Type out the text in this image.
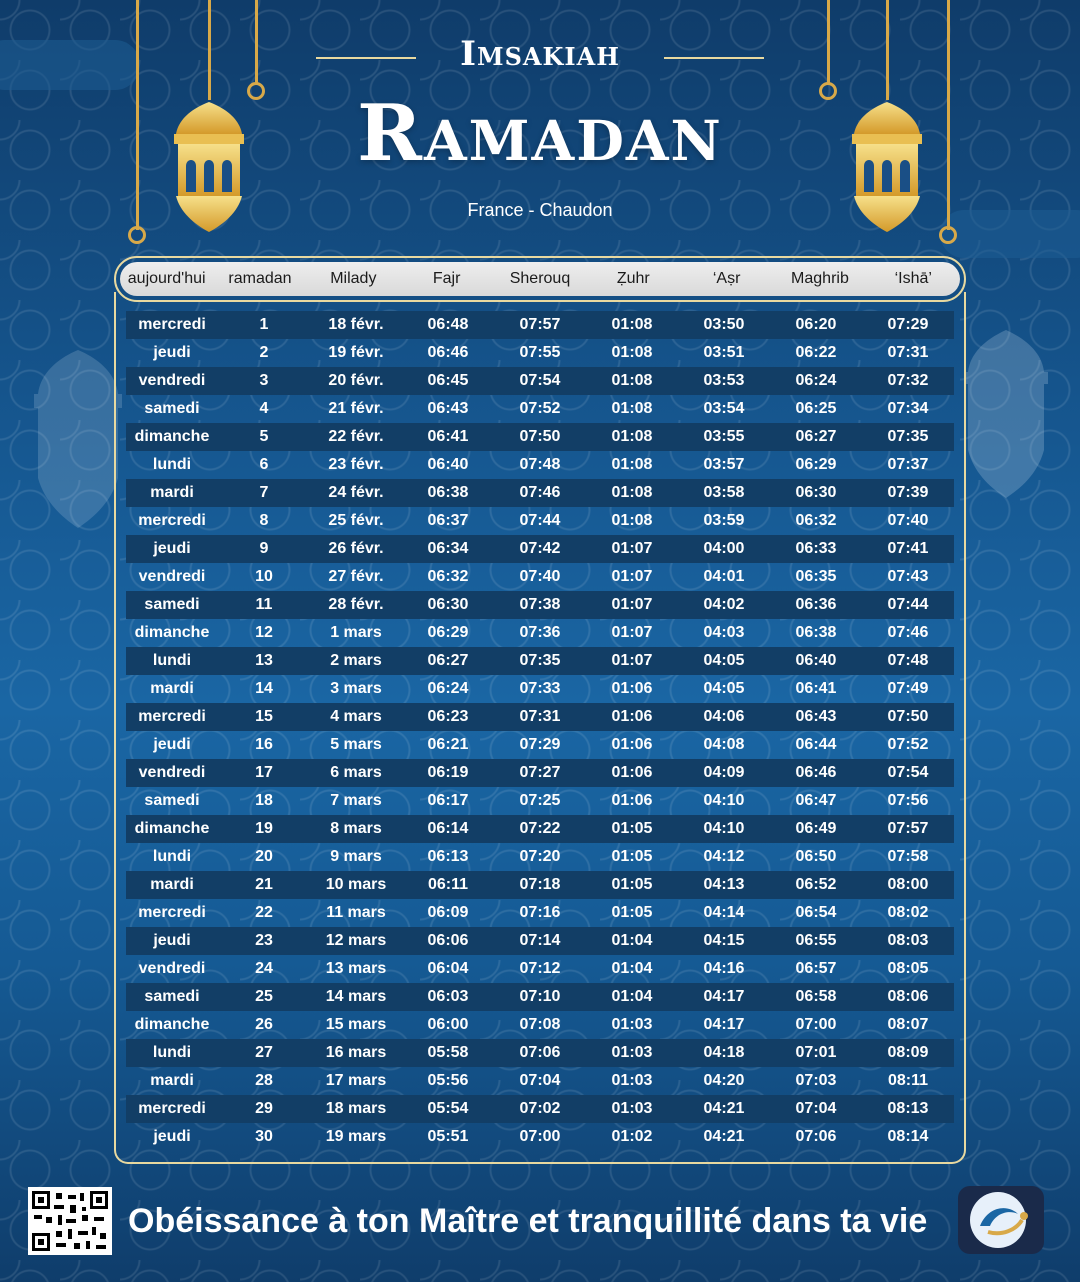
Imsakiah
Ramadan
France - Chaudon
aujourd'hui	ramadan	Milady	Fajr	Sherouq	Ẓuhr	‘Aṣr	Maghrib	‘Ishā’
mercredi	1	18 févr.	06:48	07:57	01:08	03:50	06:20	07:29
jeudi	2	19 févr.	06:46	07:55	01:08	03:51	06:22	07:31
vendredi	3	20 févr.	06:45	07:54	01:08	03:53	06:24	07:32
samedi	4	21 févr.	06:43	07:52	01:08	03:54	06:25	07:34
dimanche	5	22 févr.	06:41	07:50	01:08	03:55	06:27	07:35
lundi	6	23 févr.	06:40	07:48	01:08	03:57	06:29	07:37
mardi	7	24 févr.	06:38	07:46	01:08	03:58	06:30	07:39
mercredi	8	25 févr.	06:37	07:44	01:08	03:59	06:32	07:40
jeudi	9	26 févr.	06:34	07:42	01:07	04:00	06:33	07:41
vendredi	10	27 févr.	06:32	07:40	01:07	04:01	06:35	07:43
samedi	11	28 févr.	06:30	07:38	01:07	04:02	06:36	07:44
dimanche	12	1 mars	06:29	07:36	01:07	04:03	06:38	07:46
lundi	13	2 mars	06:27	07:35	01:07	04:05	06:40	07:48
mardi	14	3 mars	06:24	07:33	01:06	04:05	06:41	07:49
mercredi	15	4 mars	06:23	07:31	01:06	04:06	06:43	07:50
jeudi	16	5 mars	06:21	07:29	01:06	04:08	06:44	07:52
vendredi	17	6 mars	06:19	07:27	01:06	04:09	06:46	07:54
samedi	18	7 mars	06:17	07:25	01:06	04:10	06:47	07:56
dimanche	19	8 mars	06:14	07:22	01:05	04:10	06:49	07:57
lundi	20	9 mars	06:13	07:20	01:05	04:12	06:50	07:58
mardi	21	10 mars	06:11	07:18	01:05	04:13	06:52	08:00
mercredi	22	11 mars	06:09	07:16	01:05	04:14	06:54	08:02
jeudi	23	12 mars	06:06	07:14	01:04	04:15	06:55	08:03
vendredi	24	13 mars	06:04	07:12	01:04	04:16	06:57	08:05
samedi	25	14 mars	06:03	07:10	01:04	04:17	06:58	08:06
dimanche	26	15 mars	06:00	07:08	01:03	04:17	07:00	08:07
lundi	27	16 mars	05:58	07:06	01:03	04:18	07:01	08:09
mardi	28	17 mars	05:56	07:04	01:03	04:20	07:03	08:11
mercredi	29	18 mars	05:54	07:02	01:03	04:21	07:04	08:13
jeudi	30	19 mars	05:51	07:00	01:02	04:21	07:06	08:14
Obéissance à ton Maître et tranquillité dans ta vie
